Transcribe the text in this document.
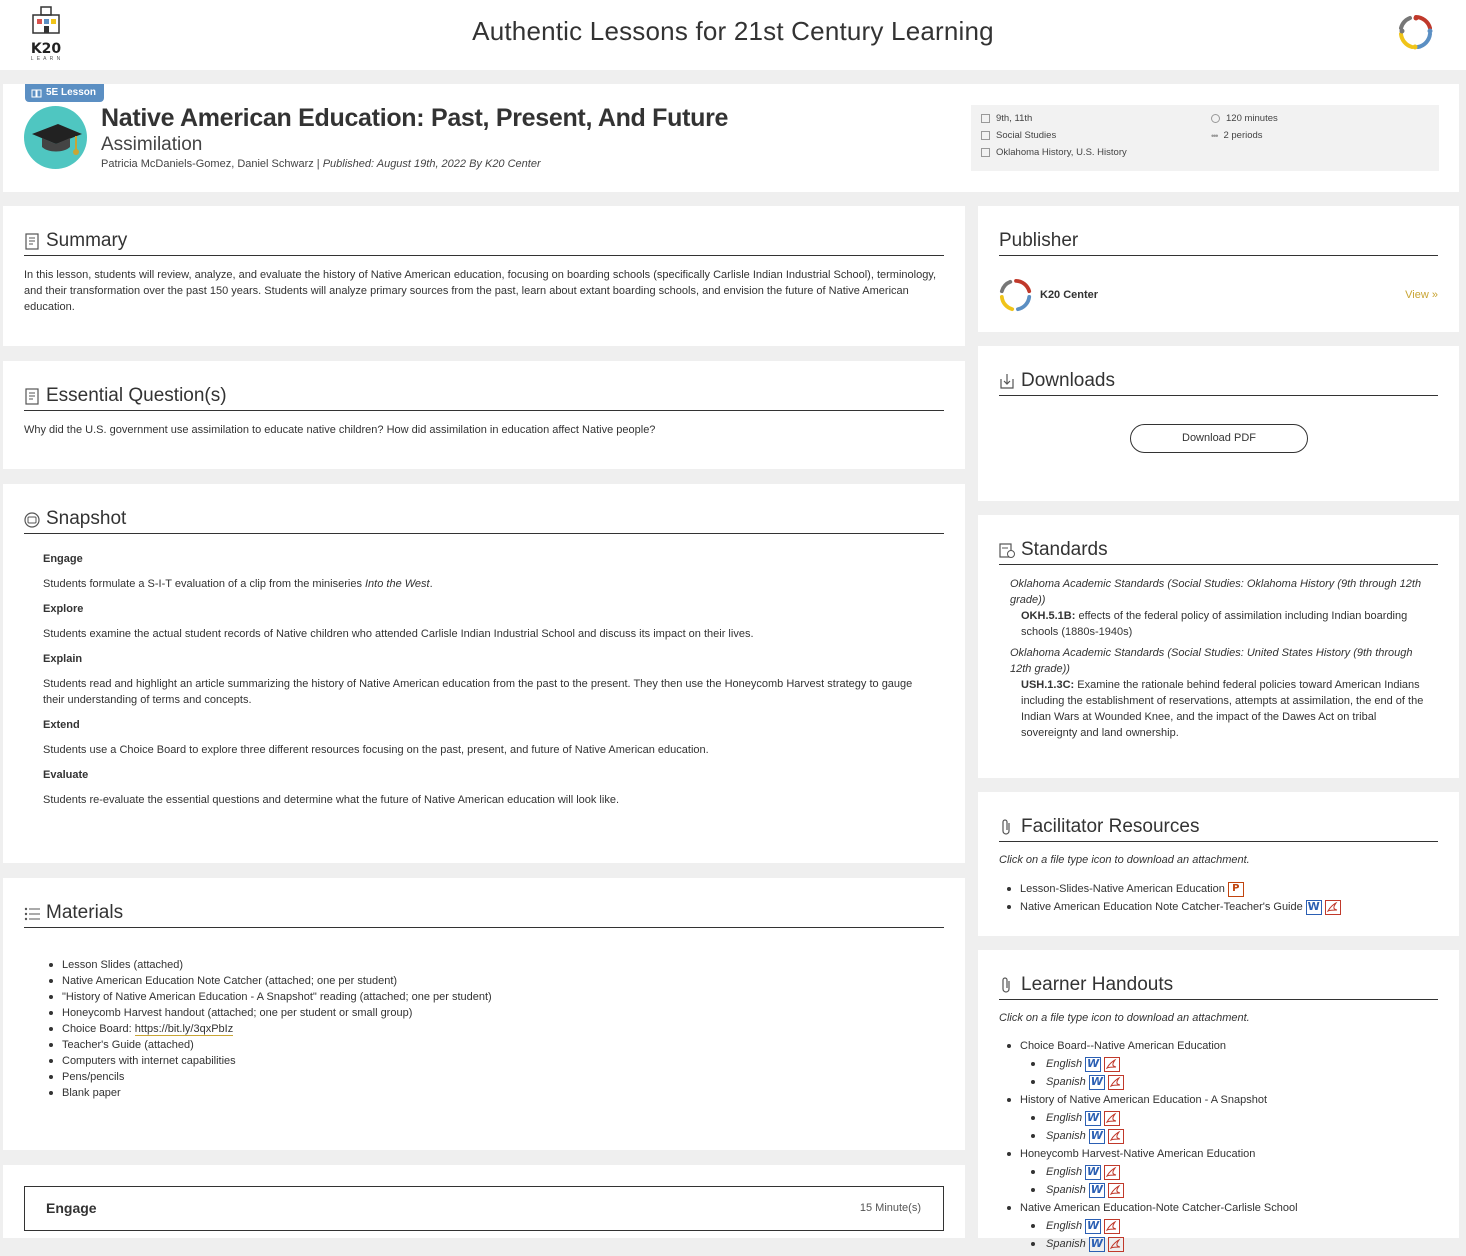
K20
L E A R N
Authentic Lessons for 21st Century Learning
5E Lesson
Native American Education: Past, Present, And Future
Assimilation
Patricia McDaniels-Gomez, Daniel Schwarz | Published: August 19th, 2022 By K20 Center
9th, 11th
Social Studies
Oklahoma History, U.S. History
120 minutes
••• 2 periods
Summary
In this lesson, students will review, analyze, and evaluate the history of Native American education, focusing on boarding schools (specifically Carlisle Indian Industrial School), terminology, and their transformation over the past 150 years. Students will analyze primary sources from the past, learn about extant boarding schools, and envision the future of Native American education.
Essential Question(s)
Why did the U.S. government use assimilation to educate native children? How did assimilation in education affect Native people?
Snapshot
Engage
Students formulate a S-I-T evaluation of a clip from the miniseries Into the West.
Explore
Students examine the actual student records of Native children who attended Carlisle Indian Industrial School and discuss its impact on their lives.
Explain
Students read and highlight an article summarizing the history of Native American education from the past to the present. They then use the Honeycomb Harvest strategy to gauge their understanding of terms and concepts.
Extend
Students use a Choice Board to explore three different resources focusing on the past, present, and future of Native American education.
Evaluate
Students re-evaluate the essential questions and determine what the future of Native American education will look like.
Materials
Lesson Slides (attached)
Native American Education Note Catcher (attached; one per student)
"History of Native American Education - A Snapshot" reading (attached; one per student)
Honeycomb Harvest handout (attached; one per student or small group)
Choice Board: https://bit.ly/3qxPbIz
Teacher's Guide (attached)
Computers with internet capabilities
Pens/pencils
Blank paper
Engage	15 Minute(s)
Publisher
K20 Center	View »
Downloads
Download PDF
Standards
Oklahoma Academic Standards (Social Studies: Oklahoma History (9th through 12th grade))
OKH.5.1B: effects of the federal policy of assimilation including Indian boarding schools (1880s-1940s)
Oklahoma Academic Standards (Social Studies: United States History (9th through 12th grade))
USH.1.3C: Examine the rationale behind federal policies toward American Indians including the establishment of reservations, attempts at assimilation, the end of the Indian Wars at Wounded Knee, and the impact of the Dawes Act on tribal sovereignty and land ownership.
Facilitator Resources
Click on a file type icon to download an attachment.
Lesson-Slides-Native American Education P
Native American Education Note Catcher-Teacher's Guide W
Learner Handouts
Click on a file type icon to download an attachment.
Choice Board--Native American Education
English W
Spanish W
History of Native American Education - A Snapshot
English W
Spanish W
Honeycomb Harvest-Native American Education
English W
Spanish W
Native American Education-Note Catcher-Carlisle School
English W
Spanish W
